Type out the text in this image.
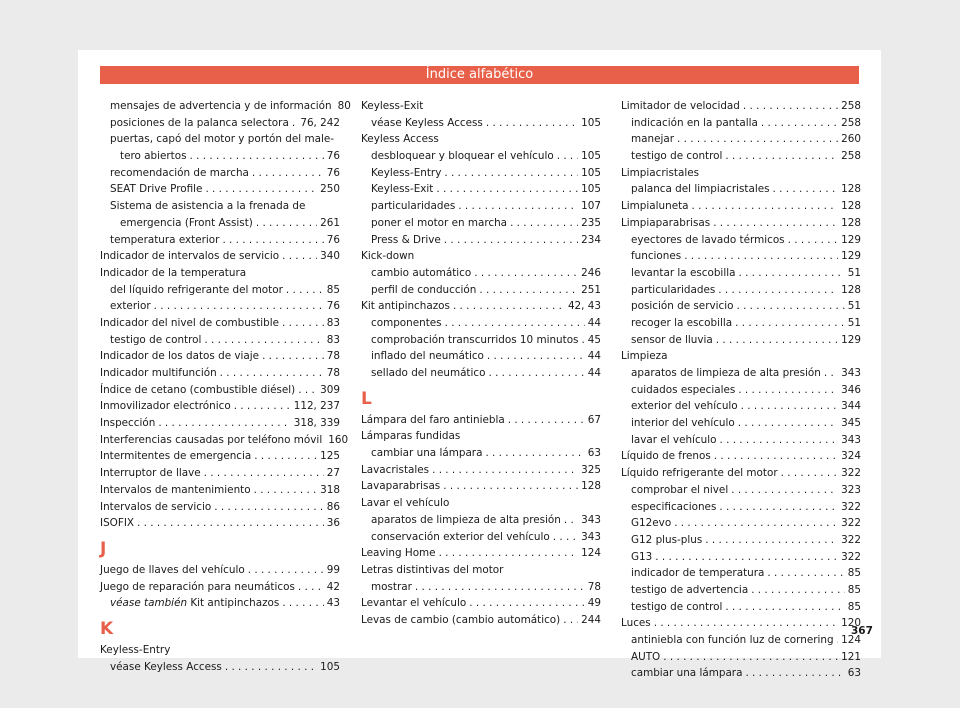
Índice alfabético
mensajes de advertencia y de información 80
posiciones de la palanca selectora . . . 76, 242
puertas, capó del motor y portón del male-
tero abiertos . . .	76
recomendación de marcha . . .	76
SEAT Drive Profile . . .	250
Sistema de asistencia a la frenada de
emergencia (Front Assist) . . .	261
temperatura exterior . . .	76
Indicador de intervalos de servicio . . .	340
Indicador de la temperatura
del líquido refrigerante del motor . . .	85
exterior . . .	76
Indicador del nivel de combustible . . .	83
testigo de control . . .	83
Indicador de los datos de viaje . . .	78
Indicador multifunción . . .	78
Índice de cetano (combustible diésel) . . . 309
Inmovilizador electrónico . . .	112, 237
Inspección . . .	318, 339
Interferencias causadas por teléfono móvil 160
Intermitentes de emergencia . . .	125
Interruptor de llave . . .	27
Intervalos de mantenimiento . . .	318
Intervalos de servicio . . .	86
ISOFIX . . .	36
J
Juego de llaves del vehículo . . .	99
Juego de reparación para neumáticos . . .	42
véase también Kit antipinchazos . . .	43
K
Keyless-Entry
véase Keyless Access . . .	105
Keyless-Exit
véase Keyless Access . . .	105
Keyless Access
desbloquear y bloquear el vehículo . . .	105
Keyless-Entry . . .	105
Keyless-Exit . . .	105
particularidades . . .	107
poner el motor en marcha . . .	235
Press & Drive . . .	234
Kick-down
cambio automático . . .	246
perfil de conducción . . .	251
Kit antipinchazos . . .	42, 43
componentes . . .	44
comprobación transcurridos 10 minutos . . . 45
inflado del neumático . . .	44
sellado del neumático . . .	44
L
Lámpara del faro antiniebla . . .	67
Lámparas fundidas
cambiar una lámpara . . .	63
Lavacristales . . .	325
Lavaparabrisas . . .	128
Lavar el vehículo
aparatos de limpieza de alta presión . . . 343
conservación exterior del vehículo . . .	343
Leaving Home . . .	124
Letras distintivas del motor
mostrar . . .	78
Levantar el vehículo . . .	49
Levas de cambio (cambio automático) . . . 244
Limitador de velocidad . . .	258
indicación en la pantalla . . .	258
manejar . . .	260
testigo de control . . .	258
Limpiacristales
palanca del limpiacristales . . .	128
Limpialuneta . . .	128
Limpiaparabrisas . . .	128
eyectores de lavado térmicos . . .	129
funciones . . .	129
levantar la escobilla . . .	51
particularidades . . .	128
posición de servicio . . .	51
recoger la escobilla . . .	51
sensor de lluvia . . .	129
Limpieza
aparatos de limpieza de alta presión . . . 343
cuidados especiales . . .	346
exterior del vehículo . . .	344
interior del vehículo . . .	345
lavar el vehículo . . .	343
Líquido de frenos . . .	324
Líquido refrigerante del motor . . .	322
comprobar el nivel . . .	323
especificaciones . . .	322
G12evo . . .	322
G12 plus-plus . . .	322
G13 . . .	322
indicador de temperatura . . .	85
testigo de advertencia . . .	85
testigo de control . . .	85
Luces . . .	120
antiniebla con función luz de cornering . . . 124
AUTO . . .	121
cambiar una lámpara . . .	63
367
